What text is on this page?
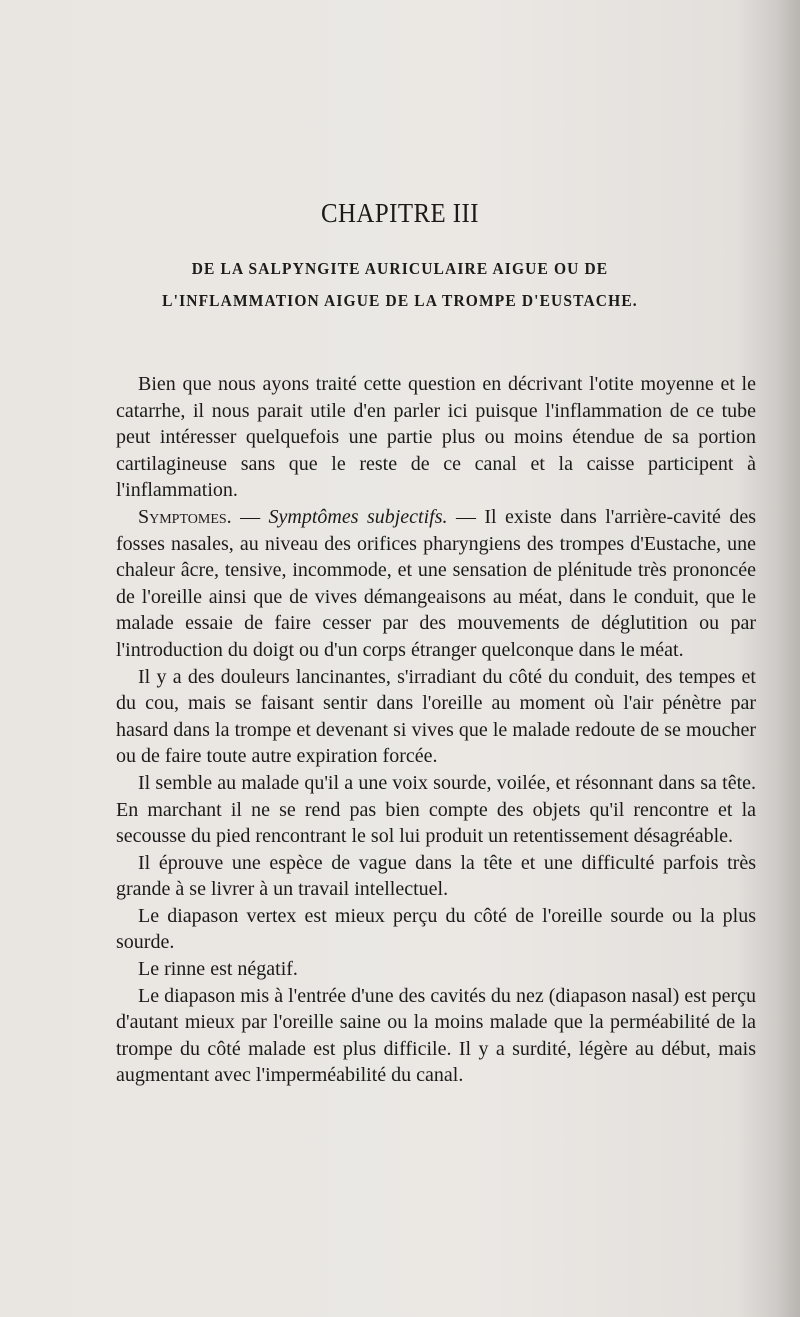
CHAPITRE III
DE LA SALPYNGITE AURICULAIRE AIGUE OU DE
L'INFLAMMATION AIGUE DE LA TROMPE D'EUSTACHE.

Bien que nous ayons traité cette question en décrivant l'otite moyenne et le catarrhe, il nous parait utile d'en parler ici puisque l'inflammation de ce tube peut intéresser quelquefois une partie plus ou moins étendue de sa portion cartilagineuse sans que le reste de ce canal et la caisse participent à l'inflammation.

Symptomes. — Symptômes subjectifs. — Il existe dans l'arrière-cavité des fosses nasales, au niveau des orifices pharyngiens des trompes d'Eustache, une chaleur âcre, tensive, incommode, et une sensation de plénitude très prononcée de l'oreille ainsi que de vives démangeaisons au méat, dans le conduit, que le malade essaie de faire cesser par des mouvements de déglutition ou par l'introduction du doigt ou d'un corps étranger quelconque dans le méat.

Il y a des douleurs lancinantes, s'irradiant du côté du conduit, des tempes et du cou, mais se faisant sentir dans l'oreille au moment où l'air pénètre par hasard dans la trompe et devenant si vives que le malade redoute de se moucher ou de faire toute autre expiration forcée.

Il semble au malade qu'il a une voix sourde, voilée, et résonnant dans sa tête. En marchant il ne se rend pas bien compte des objets qu'il rencontre et la secousse du pied rencontrant le sol lui produit un retentissement désagréable.

Il éprouve une espèce de vague dans la tête et une difficulté parfois très grande à se livrer à un travail intellectuel.

Le diapason vertex est mieux perçu du côté de l'oreille sourde ou la plus sourde.

Le rinne est négatif.

Le diapason mis à l'entrée d'une des cavités du nez (diapason nasal) est perçu d'autant mieux par l'oreille saine ou la moins malade que la perméabilité de la trompe du côté malade est plus difficile. Il y a surdité, légère au début, mais augmentant avec l'imperméabilité du canal.
